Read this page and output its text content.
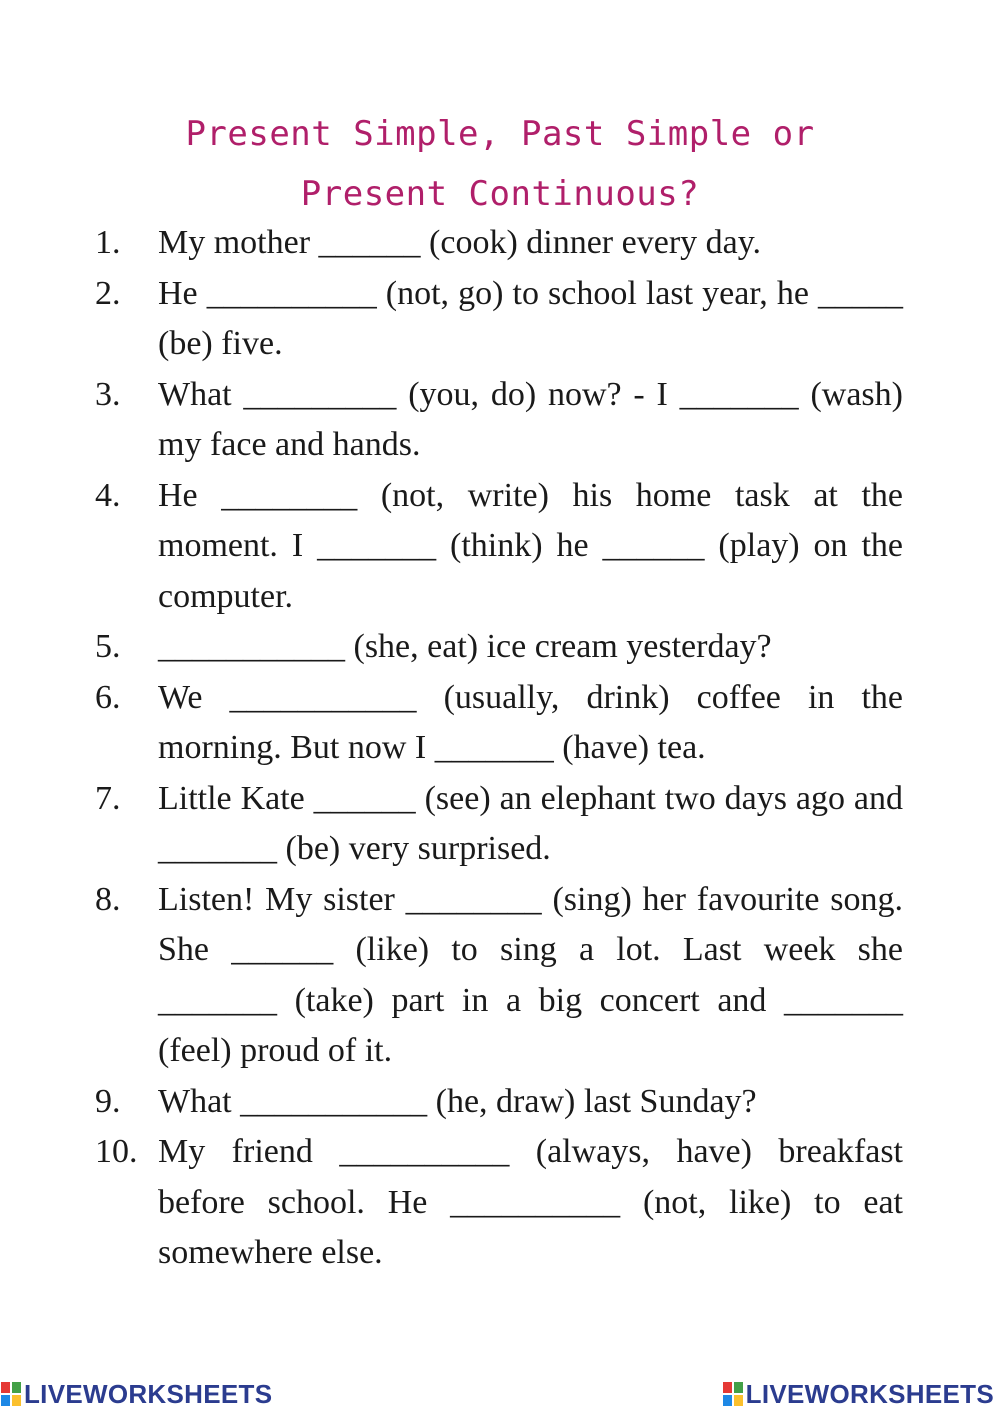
Present Simple, Past Simple or
Present Continuous?
1. My mother ______ (cook) dinner every day.
2. He __________ (not, go) to school last year, he _____ (be) five.
3. What _________ (you, do) now? - I _______ (wash) my face and hands.
4. He ________ (not, write) his home task at the moment. I _______ (think) he ______ (play) on the computer.
5. ___________ (she, eat) ice cream yesterday?
6. We ___________ (usually, drink) coffee in the morning. But now I _______ (have) tea.
7. Little Kate ______ (see) an elephant two days ago and _______ (be) very surprised.
8. Listen! My sister ________ (sing) her favourite song. She ______ (like) to sing a lot. Last week she _______ (take) part in a big concert and _______ (feel) proud of it.
9. What ___________ (he, draw) last Sunday?
10. My friend __________ (always, have) breakfast before school. He __________ (not, like) to eat somewhere else.
LIVEWORKSHEETS	LIVEWORKSHEETS
